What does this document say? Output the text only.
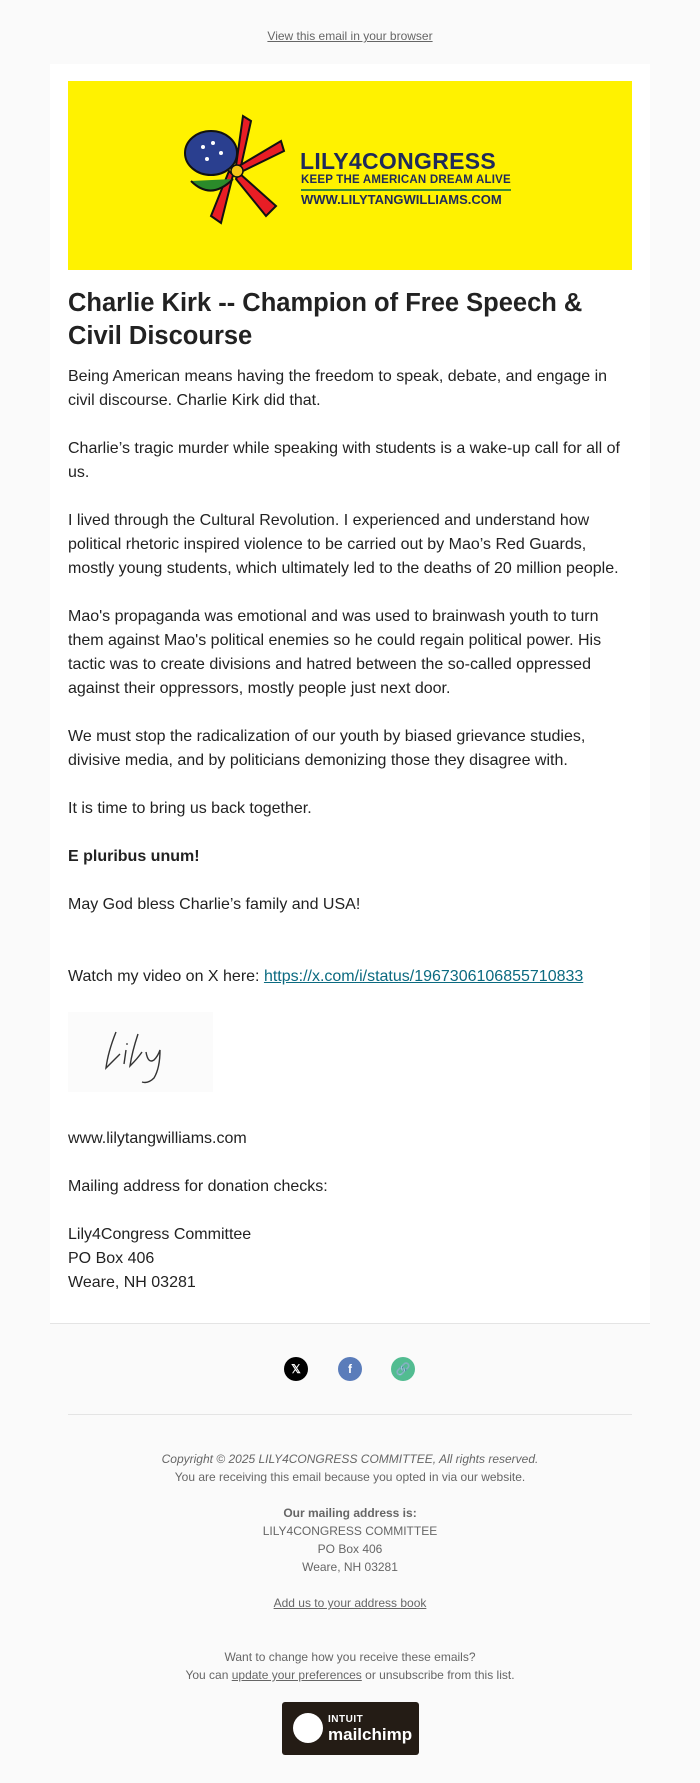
View this email in your browser
LILY4CONGRESS
KEEP THE AMERICAN DREAM ALIVE
WWW.LILYTANGWILLIAMS.COM
Charlie Kirk -- Champion of Free Speech & Civil Discourse
Being American means having the freedom to speak, debate, and engage in civil discourse. Charlie Kirk did that.
Charlie’s tragic murder while speaking with students is a wake-up call for all of us.
I lived through the Cultural Revolution. I experienced and understand how political rhetoric inspired violence to be carried out by Mao’s Red Guards, mostly young students, which ultimately led to the deaths of 20 million people.
Mao's propaganda was emotional and was used to brainwash youth to turn them against Mao's political enemies so he could regain political power. His tactic was to create divisions and hatred between the so-called oppressed against their oppressors, mostly people just next door.
We must stop the radicalization of our youth by biased grievance studies, divisive media, and by politicians demonizing those they disagree with.
It is time to bring us back together.
E pluribus unum!
May God bless Charlie’s family and USA!
Watch my video on X here: https://x.com/i/status/1967306106855710833
www.lilytangwilliams.com
Mailing address for donation checks:
Lily4Congress Committee
PO Box 406
Weare, NH 03281
𝕏	f	🔗
Copyright © 2025 LILY4CONGRESS COMMITTEE, All rights reserved.
You are receiving this email because you opted in via our website.
Our mailing address is:
LILY4CONGRESS COMMITTEE
PO Box 406
Weare, NH 03281
Add us to your address book
Want to change how you receive these emails?
You can update your preferences or unsubscribe from this list.
INTUIT
mailchimp
